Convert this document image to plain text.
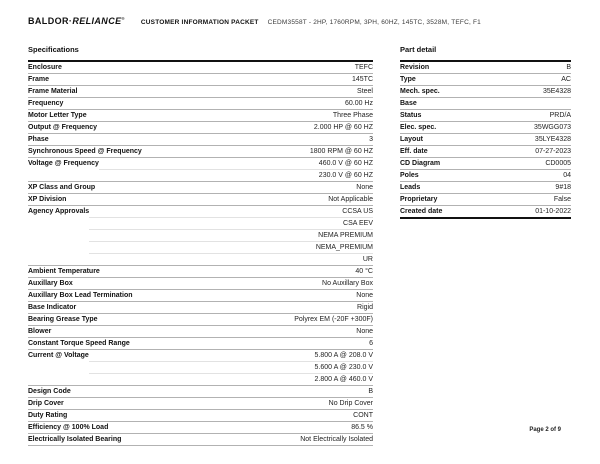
BALDOR·RELIANCE®
CUSTOMER INFORMATION PACKET CEDM3558T - 2HP, 1760RPM, 3PH, 60HZ, 145TC, 3528M, TEFC, F1
Specifications
Enclosure	TEFC
Frame	145TC
Frame Material	Steel
Frequency	60.00 Hz
Motor Letter Type	Three Phase
Output @ Frequency	2.000 HP @ 60 HZ
Phase	3
Synchronous Speed @ Frequency	1800 RPM @ 60 HZ
Voltage @ Frequency	460.0 V @ 60 HZ
230.0 V @ 60 HZ
XP Class and Group	None
XP Division	Not Applicable
Agency Approvals	CCSA US
CSA EEV
NEMA PREMIUM
NEMA_PREMIUM
UR
Ambient Temperature	40 °C
Auxillary Box	No Auxillary Box
Auxillary Box Lead Termination	None
Base Indicator	Rigid
Bearing Grease Type	Polyrex EM (-20F +300F)
Blower	None
Constant Torque Speed Range	6
Current @ Voltage	5.800 A @ 208.0 V
5.600 A @ 230.0 V
2.800 A @ 460.0 V
Design Code	B
Drip Cover	No Drip Cover
Duty Rating	CONT
Efficiency @ 100% Load	86.5 %
Electrically Isolated Bearing	Not Electrically Isolated
Part detail
Revision	B
Type	AC
Mech. spec.	35E4328
Base
Status	PRD/A
Elec. spec.	35WGG073
Layout	35LYE4328
Eff. date	07-27-2023
CD Diagram	CD0005
Poles	04
Leads	9#18
Proprietary	False
Created date	01-10-2022
Page 2 of 9
